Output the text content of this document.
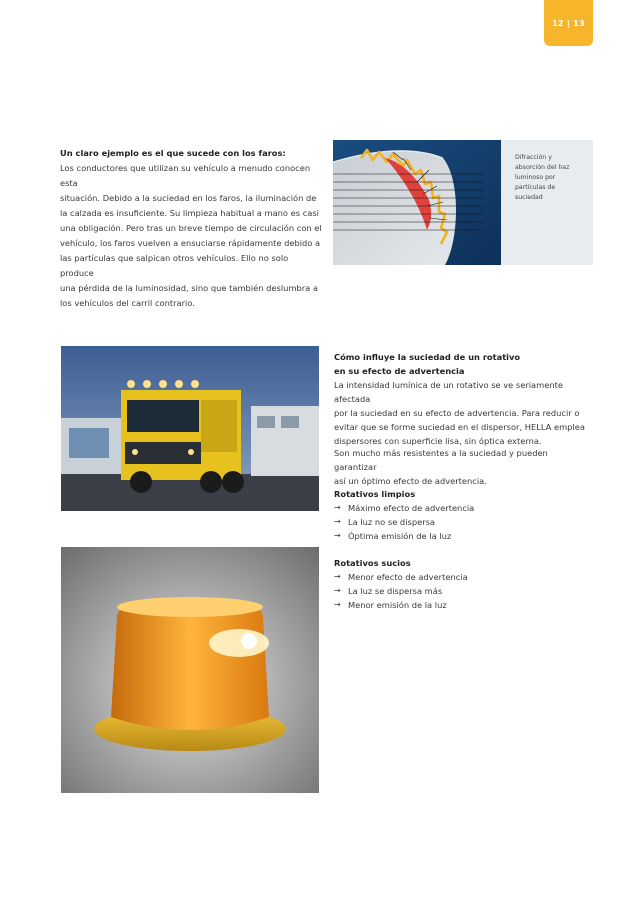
12 | 13
Un claro ejemplo es el que sucede con los faros:
Los conductores que utilizan su vehículo a menudo conocen esta
situación. Debido a la suciedad en los faros, la iluminación de
la calzada es insuficiente. Su limpieza habitual a mano es casi
una obligación. Pero tras un breve tiempo de circulación con el
vehículo, los faros vuelven a ensuciarse rápidamente debido a
las partículas que salpican otros vehículos. Ello no solo produce
una pérdida de la luminosidad, sino que también deslumbra a
los vehículos del carril contrario.
Difracción y
absorción del haz
luminoso por
partículas de
suciedad
Cómo influye la suciedad de un rotativo
en su efecto de advertencia
La intensidad lumínica de un rotativo se ve seriamente afectada
por la suciedad en su efecto de advertencia. Para reducir o
evitar que se forme suciedad en el dispersor, HELLA emplea
dispersores con superficie lisa, sin óptica externa.
Son mucho más resistentes a la suciedad y pueden garantizar
así un óptimo efecto de advertencia.
Rotativos limpios
→ Máximo efecto de advertencia
→ La luz no se dispersa
→ Óptima emisión de la luz
Rotativos sucios
→ Menor efecto de advertencia
→ La luz se dispersa más
→ Menor emisión de la luz
